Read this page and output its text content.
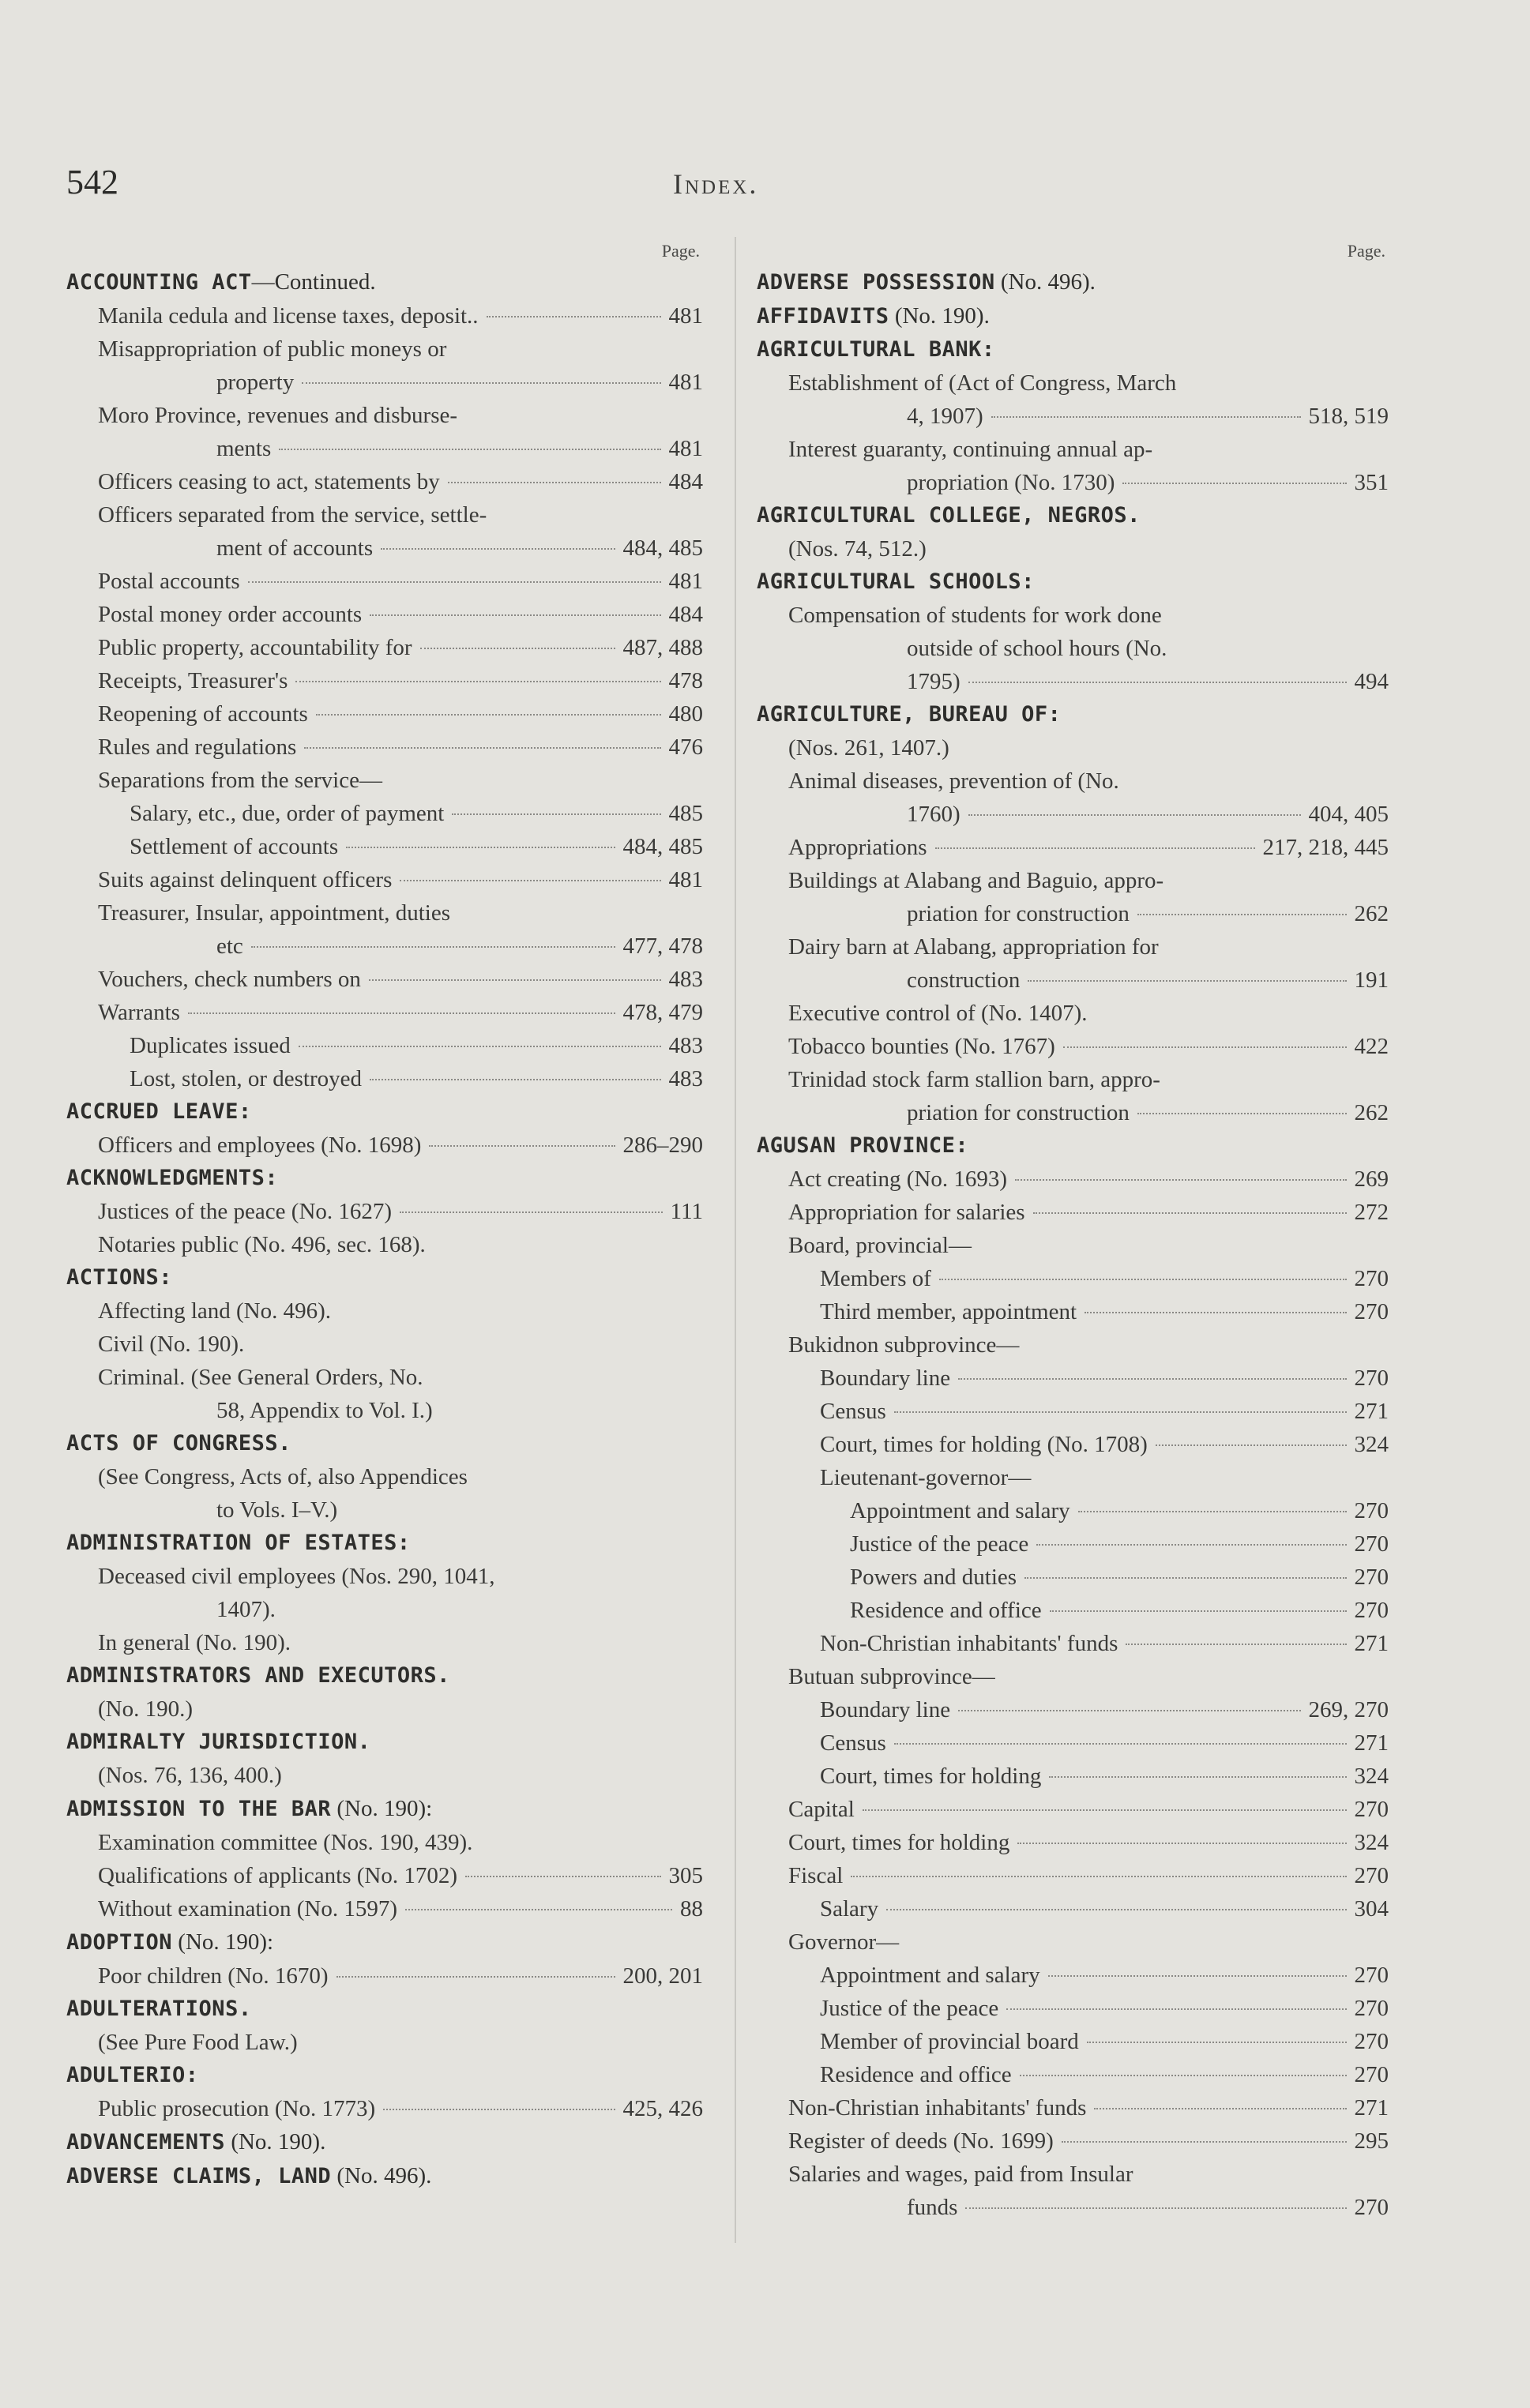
542	Index.
Page.
ACCOUNTING ACT—Continued.
Manila cedula and license taxes, deposit..	481
Misappropriation of public moneys or
property	481
Moro Province, revenues and disburse-
ments	481
Officers ceasing to act, statements by	484
Officers separated from the service, settle-
ment of accounts	484, 485
Postal accounts	481
Postal money order accounts	484
Public property, accountability for	487, 488
Receipts, Treasurer's	478
Reopening of accounts	480
Rules and regulations	476
Separations from the service—
Salary, etc., due, order of payment	485
Settlement of accounts	484, 485
Suits against delinquent officers	481
Treasurer, Insular, appointment, duties
etc	477, 478
Vouchers, check numbers on	483
Warrants	478, 479
Duplicates issued	483
Lost, stolen, or destroyed	483
ACCRUED LEAVE:
Officers and employees (No. 1698)	286–290
ACKNOWLEDGMENTS:
Justices of the peace (No. 1627)	111
Notaries public (No. 496, sec. 168).
ACTIONS:
Affecting land (No. 496).
Civil (No. 190).
Criminal. (See General Orders, No.
58, Appendix to Vol. I.)
ACTS OF CONGRESS.
(See Congress, Acts of, also Appendices
to Vols. I–V.)
ADMINISTRATION OF ESTATES:
Deceased civil employees (Nos. 290, 1041,
1407).
In general (No. 190).
ADMINISTRATORS AND EXECUTORS.
(No. 190.)
ADMIRALTY JURISDICTION.
(Nos. 76, 136, 400.)
ADMISSION TO THE BAR (No. 190):
Examination committee (Nos. 190, 439).
Qualifications of applicants (No. 1702)	305
Without examination (No. 1597)	88
ADOPTION (No. 190):
Poor children (No. 1670)	200, 201
ADULTERATIONS.
(See Pure Food Law.)
ADULTERIO:
Public prosecution (No. 1773)	425, 426
ADVANCEMENTS (No. 190).
ADVERSE CLAIMS, LAND (No. 496).
Page.
ADVERSE POSSESSION (No. 496).
AFFIDAVITS (No. 190).
AGRICULTURAL BANK:
Establishment of (Act of Congress, March
4, 1907)	518, 519
Interest guaranty, continuing annual ap-
propriation (No. 1730)	351
AGRICULTURAL COLLEGE, NEGROS.
(Nos. 74, 512.)
AGRICULTURAL SCHOOLS:
Compensation of students for work done
outside of school hours (No.
1795)	494
AGRICULTURE, BUREAU OF:
(Nos. 261, 1407.)
Animal diseases, prevention of (No.
1760)	404, 405
Appropriations	217, 218, 445
Buildings at Alabang and Baguio, appro-
priation for construction	262
Dairy barn at Alabang, appropriation for
construction	191
Executive control of (No. 1407).
Tobacco bounties (No. 1767)	422
Trinidad stock farm stallion barn, appro-
priation for construction	262
AGUSAN PROVINCE:
Act creating (No. 1693)	269
Appropriation for salaries	272
Board, provincial—
Members of	270
Third member, appointment	270
Bukidnon subprovince—
Boundary line	270
Census	271
Court, times for holding (No. 1708)	324
Lieutenant-governor—
Appointment and salary	270
Justice of the peace	270
Powers and duties	270
Residence and office	270
Non-Christian inhabitants' funds	271
Butuan subprovince—
Boundary line	269, 270
Census	271
Court, times for holding	324
Capital	270
Court, times for holding	324
Fiscal	270
Salary	304
Governor—
Appointment and salary	270
Justice of the peace	270
Member of provincial board	270
Residence and office	270
Non-Christian inhabitants' funds	271
Register of deeds (No. 1699)	295
Salaries and wages, paid from Insular
funds	270
